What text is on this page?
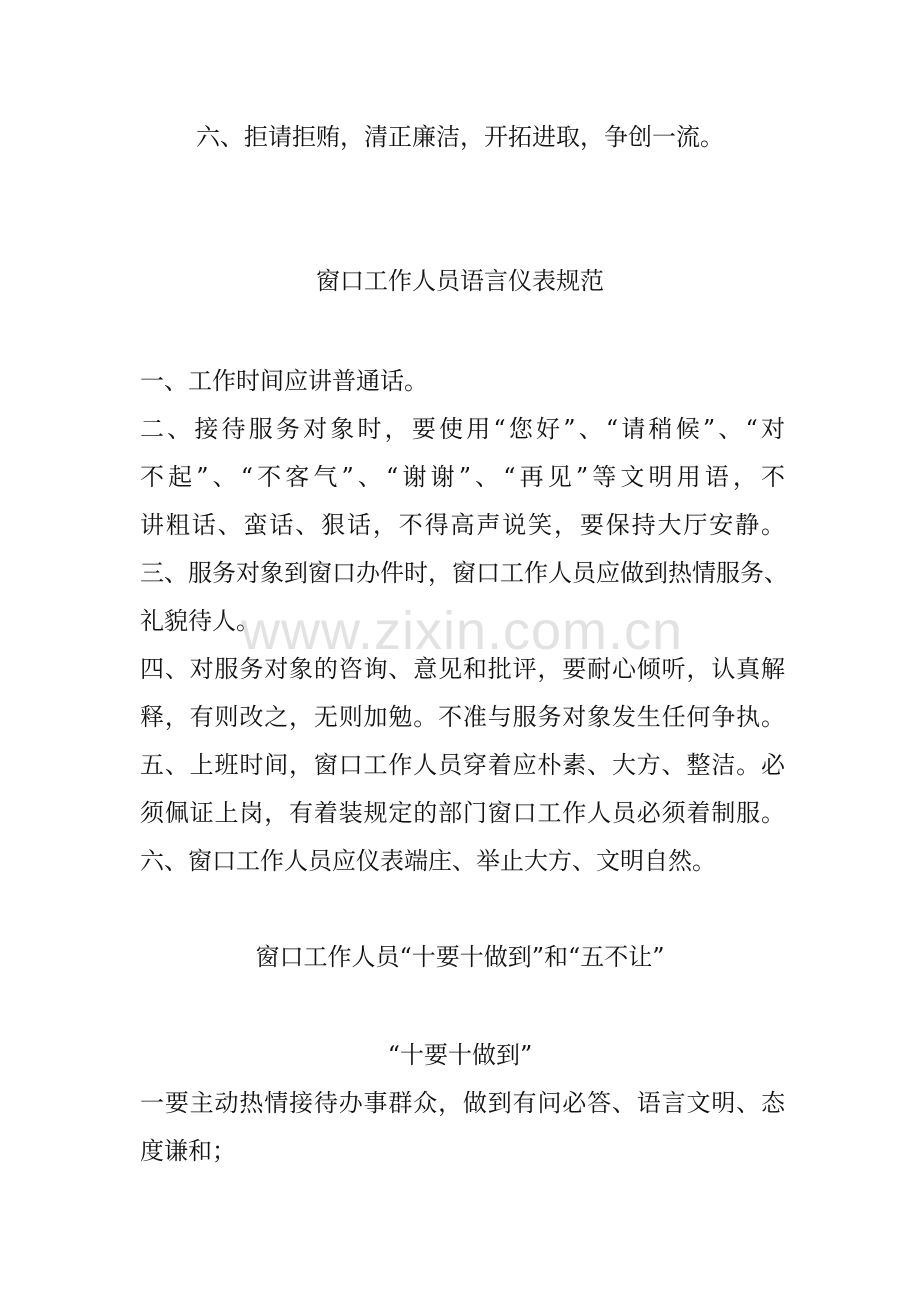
六、拒请拒贿，清正廉洁，开拓进取，争创一流。
窗口工作人员语言仪表规范
一、工作时间应讲普通话。
二、接待服务对象时，要使用“您好”、“请稍候”、“对
不起”、“不客气”、“谢谢”、“再见”等文明用语，不
讲粗话、蛮话、狠话，不得高声说笑，要保持大厅安静。
三、服务对象到窗口办件时，窗口工作人员应做到热情服务、
礼貌待人。
四、对服务对象的咨询、意见和批评，要耐心倾听，认真解
释，有则改之，无则加勉。不准与服务对象发生任何争执。
五、上班时间，窗口工作人员穿着应朴素、大方、整洁。必
须佩证上岗，有着装规定的部门窗口工作人员必须着制服。
六、窗口工作人员应仪表端庄、举止大方、文明自然。
窗口工作人员“十要十做到”和“五不让”
“十要十做到”
一要主动热情接待办事群众，做到有问必答、语言文明、态
度谦和；
www.zixin.com.cn
